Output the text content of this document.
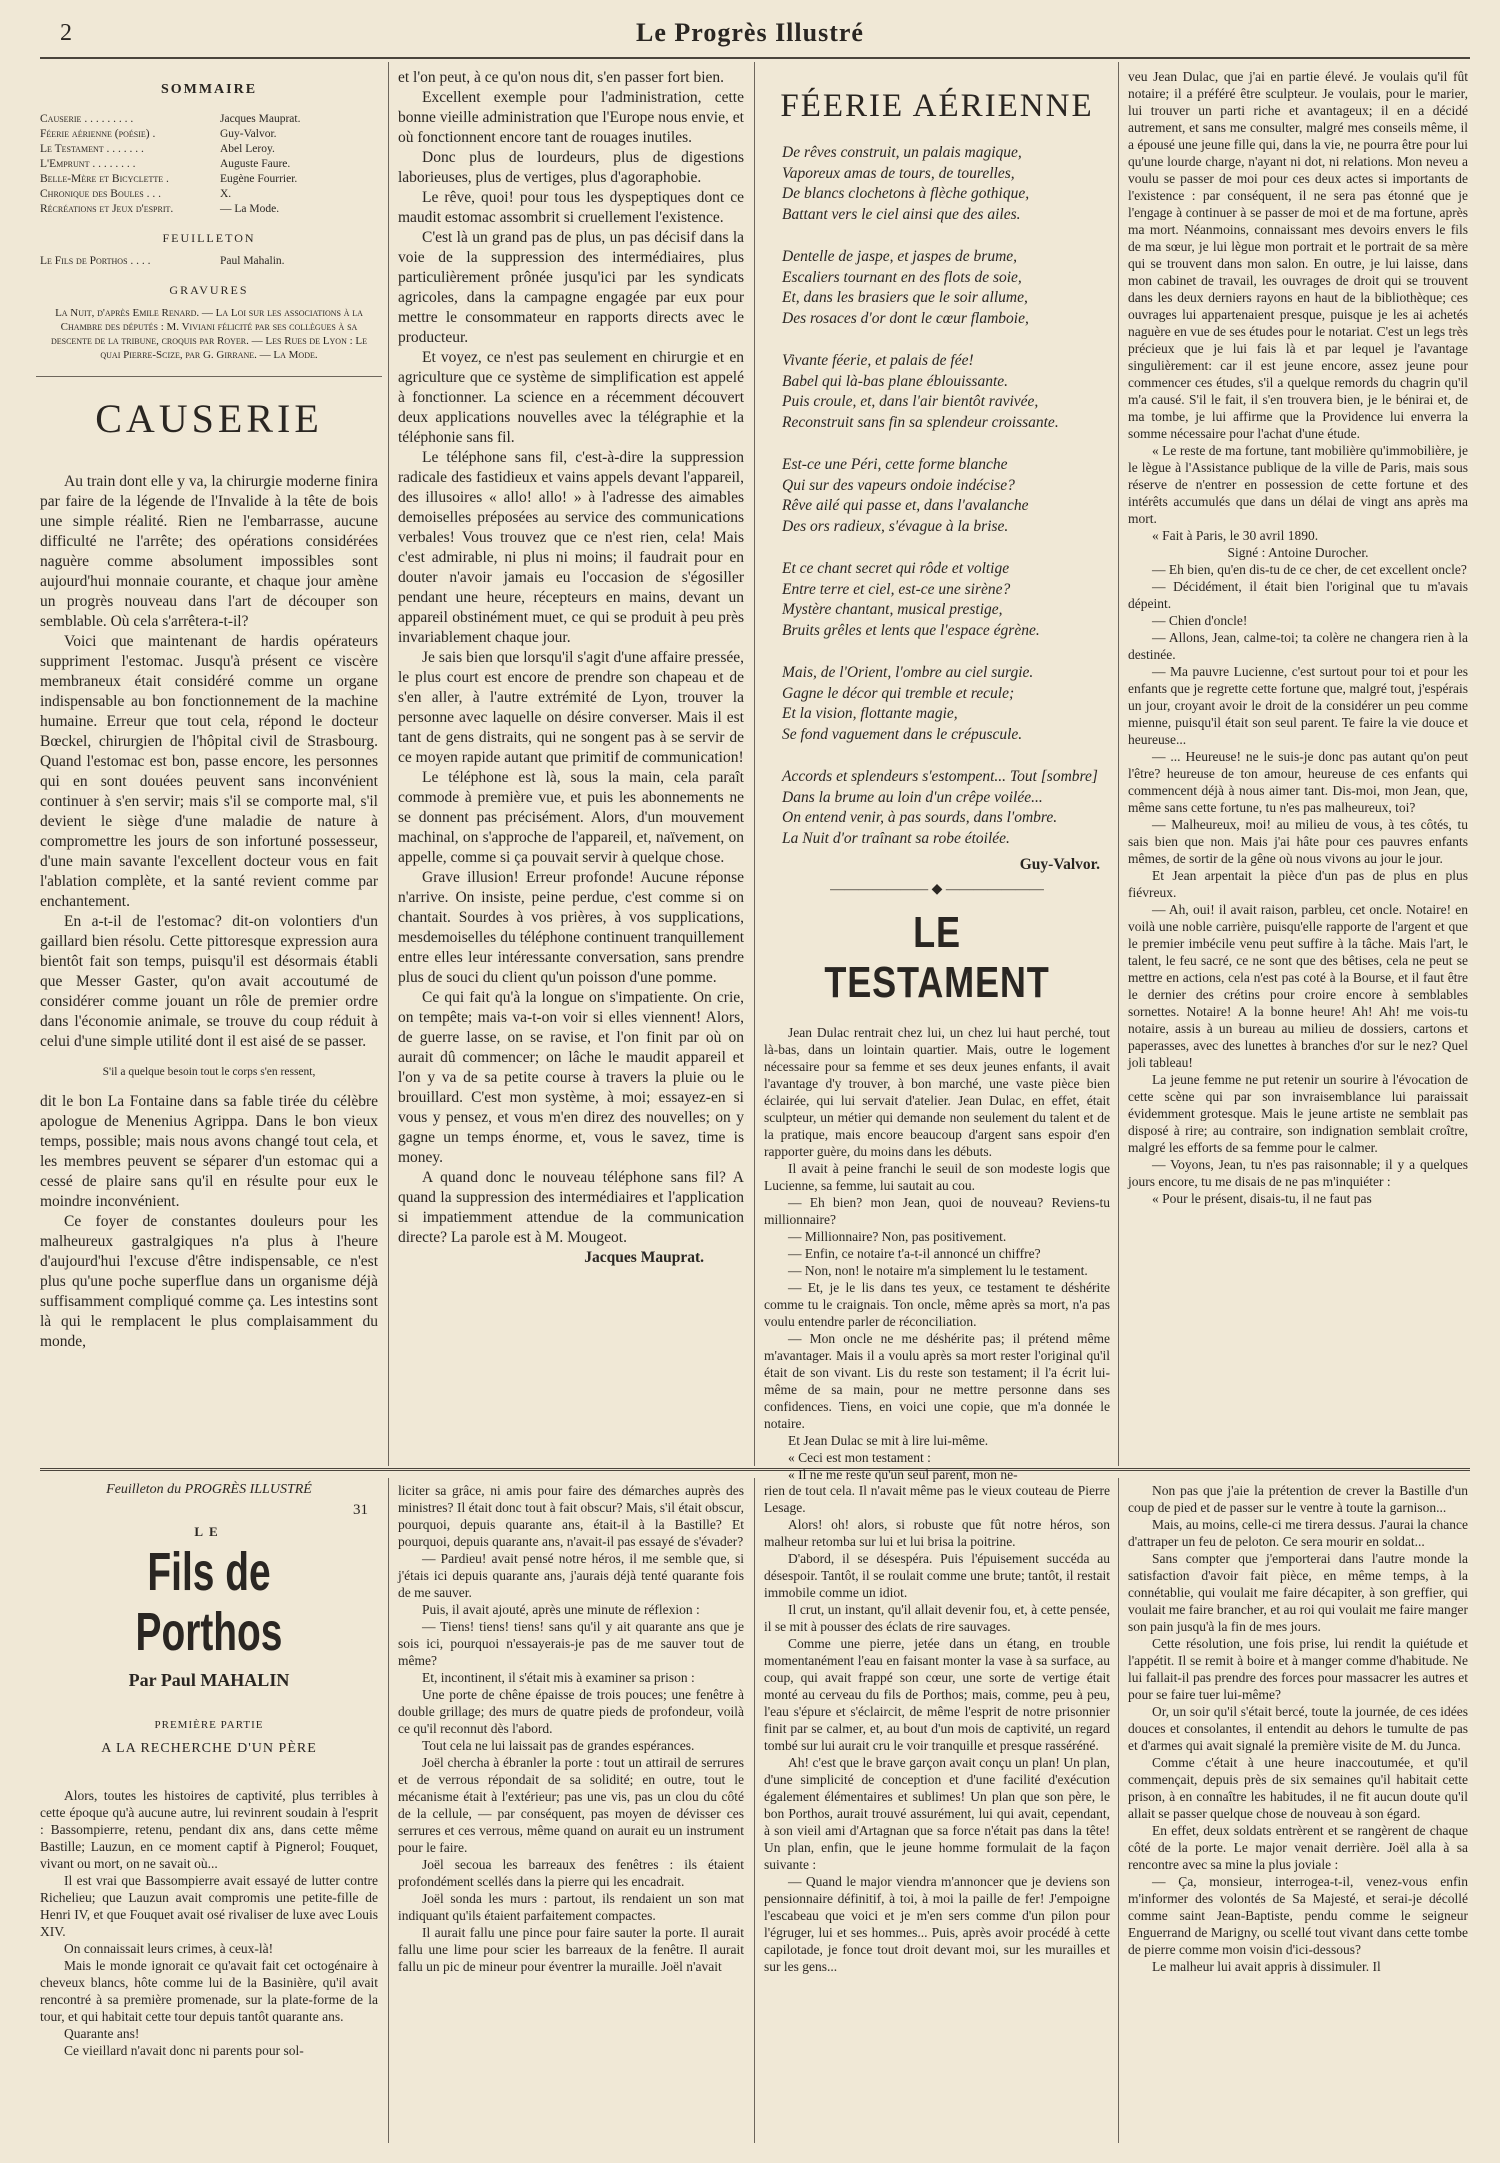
2	Le Progrès Illustré
SOMMAIRE
Causerie . . . . . . . . .	Jacques Mauprat.
Féerie aérienne (poésie) .	Guy-Valvor.
Le Testament . . . . . . .	Abel Leroy.
L'Emprunt . . . . . . . .	Auguste Faure.
Belle-Mère et Bicyclette .	Eugène Fourrier.
Chronique des Boules . . .	X.
Récréations et Jeux d'esprit.	— La Mode.
FEUILLETON
Le Fils de Porthos . . . .	Paul Mahalin.
GRAVURES
La Nuit, d'après Emile Renard. — La Loi sur les associations à la Chambre des députés : M. Viviani félicité par ses collègues à sa descente de la tribune, croquis par Royer. — Les Rues de Lyon : Le quai Pierre-Scize, par G. Girrane. — La Mode.
CAUSERIE

Au train dont elle y va, la chirurgie moderne finira par faire de la légende de l'Invalide à la tête de bois une simple réalité. Rien ne l'embarrasse, aucune difficulté ne l'arrête; des opérations considérées naguère comme absolument impossibles sont aujourd'hui monnaie courante, et chaque jour amène un progrès nouveau dans l'art de découper son semblable. Où cela s'arrêtera-t-il?

Voici que maintenant de hardis opérateurs suppriment l'estomac. Jusqu'à présent ce viscère membraneux était considéré comme un organe indispensable au bon fonctionnement de la machine humaine. Erreur que tout cela, répond le docteur Bœckel, chirurgien de l'hôpital civil de Strasbourg. Quand l'estomac est bon, passe encore, les personnes qui en sont douées peuvent sans inconvénient continuer à s'en servir; mais s'il se comporte mal, s'il devient le siège d'une maladie de nature à compromettre les jours de son infortuné possesseur, d'une main savante l'excellent docteur vous en fait l'ablation complète, et la santé revient comme par enchantement.

En a-t-il de l'estomac? dit-on volontiers d'un gaillard bien résolu. Cette pittoresque expression aura bientôt fait son temps, puisqu'il est désormais établi que Messer Gaster, qu'on avait accoutumé de considérer comme jouant un rôle de premier ordre dans l'économie animale, se trouve du coup réduit à celui d'une simple utilité dont il est aisé de se passer.

S'il a quelque besoin tout le corps s'en ressent,

dit le bon La Fontaine dans sa fable tirée du célèbre apologue de Menenius Agrippa. Dans le bon vieux temps, possible; mais nous avons changé tout cela, et les membres peuvent se séparer d'un estomac qui a cessé de plaire sans qu'il en résulte pour eux le moindre inconvénient.

Ce foyer de constantes douleurs pour les malheureux gastralgiques n'a plus à l'heure d'aujourd'hui l'excuse d'être indispensable, ce n'est plus qu'une poche superflue dans un organisme déjà suffisamment compliqué comme ça. Les intestins sont là qui le remplacent le plus complaisamment du monde,

et l'on peut, à ce qu'on nous dit, s'en passer fort bien.

Excellent exemple pour l'administration, cette bonne vieille administration que l'Europe nous envie, et où fonctionnent encore tant de rouages inutiles.

Donc plus de lourdeurs, plus de digestions laborieuses, plus de vertiges, plus d'agoraphobie.

Le rêve, quoi! pour tous les dyspeptiques dont ce maudit estomac assombrit si cruellement l'existence.

C'est là un grand pas de plus, un pas décisif dans la voie de la suppression des intermédiaires, plus particulièrement prônée jusqu'ici par les syndicats agricoles, dans la campagne engagée par eux pour mettre le consommateur en rapports directs avec le producteur.

Et voyez, ce n'est pas seulement en chirurgie et en agriculture que ce système de simplification est appelé à fonctionner. La science en a récemment découvert deux applications nouvelles avec la télégraphie et la téléphonie sans fil.

Le téléphone sans fil, c'est-à-dire la suppression radicale des fastidieux et vains appels devant l'appareil, des illusoires « allo! allo! » à l'adresse des aimables demoiselles préposées au service des communications verbales! Vous trouvez que ce n'est rien, cela! Mais c'est admirable, ni plus ni moins; il faudrait pour en douter n'avoir jamais eu l'occasion de s'égosiller pendant une heure, récepteurs en mains, devant un appareil obstinément muet, ce qui se produit à peu près invariablement chaque jour.

Je sais bien que lorsqu'il s'agit d'une affaire pressée, le plus court est encore de prendre son chapeau et de s'en aller, à l'autre extrémité de Lyon, trouver la personne avec laquelle on désire converser. Mais il est tant de gens distraits, qui ne songent pas à se servir de ce moyen rapide autant que primitif de communication!

Le téléphone est là, sous la main, cela paraît commode à première vue, et puis les abonnements ne se donnent pas précisément. Alors, d'un mouvement machinal, on s'approche de l'appareil, et, naïvement, on appelle, comme si ça pouvait servir à quelque chose.

Grave illusion! Erreur profonde! Aucune réponse n'arrive. On insiste, peine perdue, c'est comme si on chantait. Sourdes à vos prières, à vos supplications, mesdemoiselles du téléphone continuent tranquillement entre elles leur intéressante conversation, sans prendre plus de souci du client qu'un poisson d'une pomme.

Ce qui fait qu'à la longue on s'impatiente. On crie, on tempête; mais va-t-on voir si elles viennent! Alors, de guerre lasse, on se ravise, et l'on finit par où on aurait dû commencer; on lâche le maudit appareil et l'on y va de sa petite course à travers la pluie ou le brouillard. C'est mon système, à moi; essayez-en si vous y pensez, et vous m'en direz des nouvelles; on y gagne un temps énorme, et, vous le savez, time is money.

A quand donc le nouveau téléphone sans fil? A quand la suppression des intermédiaires et l'application si impatiemment attendue de la communication directe? La parole est à M. Mougeot.

Jacques Mauprat.
FÉERIE AÉRIENNE
De rêves construit, un palais magique,
Vaporeux amas de tours, de tourelles,
De blancs clochetons à flèche gothique,
Battant vers le ciel ainsi que des ailes.
Dentelle de jaspe, et jaspes de brume,
Escaliers tournant en des flots de soie,
Et, dans les brasiers que le soir allume,
Des rosaces d'or dont le cœur flamboie,
Vivante féerie, et palais de fée!
Babel qui là-bas plane éblouissante.
Puis croule, et, dans l'air bientôt ravivée,
Reconstruit sans fin sa splendeur croissante.
Est-ce une Péri, cette forme blanche
Qui sur des vapeurs ondoie indécise?
Rêve ailé qui passe et, dans l'avalanche
Des ors radieux, s'évague à la brise.
Et ce chant secret qui rôde et voltige
Entre terre et ciel, est-ce une sirène?
Mystère chantant, musical prestige,
Bruits grêles et lents que l'espace égrène.
Mais, de l'Orient, l'ombre au ciel surgie.
Gagne le décor qui tremble et recule;
Et la vision, flottante magie,
Se fond vaguement dans le crépuscule.
Accords et splendeurs s'estompent... Tout [sombre]
Dans la brume au loin d'un crêpe voilée...
On entend venir, à pas sourds, dans l'ombre.
La Nuit d'or traînant sa robe étoilée.
Guy-Valvor.
——————— ◆ ———————
LE TESTAMENT

Jean Dulac rentrait chez lui, un chez lui haut perché, tout là-bas, dans un lointain quartier. Mais, outre le logement nécessaire pour sa femme et ses deux jeunes enfants, il avait l'avantage d'y trouver, à bon marché, une vaste pièce bien éclairée, qui lui servait d'atelier. Jean Dulac, en effet, était sculpteur, un métier qui demande non seulement du talent et de la pratique, mais encore beaucoup d'argent sans espoir d'en rapporter guère, du moins dans les débuts.

Il avait à peine franchi le seuil de son modeste logis que Lucienne, sa femme, lui sautait au cou.

— Eh bien? mon Jean, quoi de nouveau? Reviens-tu millionnaire?

— Millionnaire? Non, pas positivement.

— Enfin, ce notaire t'a-t-il annoncé un chiffre?

— Non, non! le notaire m'a simplement lu le testament.

— Et, je le lis dans tes yeux, ce testament te déshérite comme tu le craignais. Ton oncle, même après sa mort, n'a pas voulu entendre parler de réconciliation.

— Mon oncle ne me déshérite pas; il prétend même m'avantager. Mais il a voulu après sa mort rester l'original qu'il était de son vivant. Lis du reste son testament; il l'a écrit lui-même de sa main, pour ne mettre personne dans ses confidences. Tiens, en voici une copie, que m'a donnée le notaire.

Et Jean Dulac se mit à lire lui-même.

« Ceci est mon testament :

« Il ne me reste qu'un seul parent, mon ne-

veu Jean Dulac, que j'ai en partie élevé. Je voulais qu'il fût notaire; il a préféré être sculpteur. Je voulais, pour le marier, lui trouver un parti riche et avantageux; il en a décidé autrement, et sans me consulter, malgré mes conseils même, il a épousé une jeune fille qui, dans la vie, ne pourra être pour lui qu'une lourde charge, n'ayant ni dot, ni relations. Mon neveu a voulu se passer de moi pour ces deux actes si importants de l'existence : par conséquent, il ne sera pas étonné que je l'engage à continuer à se passer de moi et de ma fortune, après ma mort. Néanmoins, connaissant mes devoirs envers le fils de ma sœur, je lui lègue mon portrait et le portrait de sa mère qui se trouvent dans mon salon. En outre, je lui laisse, dans mon cabinet de travail, les ouvrages de droit qui se trouvent dans les deux derniers rayons en haut de la bibliothèque; ces ouvrages lui appartenaient presque, puisque je les ai achetés naguère en vue de ses études pour le notariat. C'est un legs très précieux que je lui fais là et par lequel je l'avantage singulièrement: car il est jeune encore, assez jeune pour commencer ces études, s'il a quelque remords du chagrin qu'il m'a causé. S'il le fait, il s'en trouvera bien, je le bénirai et, de ma tombe, je lui affirme que la Providence lui enverra la somme nécessaire pour l'achat d'une étude.

« Le reste de ma fortune, tant mobilière qu'immobilière, je le lègue à l'Assistance publique de la ville de Paris, mais sous réserve de n'entrer en possession de cette fortune et des intérêts accumulés que dans un délai de vingt ans après ma mort.

« Fait à Paris, le 30 avril 1890.

Signé : Antoine Durocher.

— Eh bien, qu'en dis-tu de ce cher, de cet excellent oncle?

— Décidément, il était bien l'original que tu m'avais dépeint.

— Chien d'oncle!

— Allons, Jean, calme-toi; ta colère ne changera rien à la destinée.

— Ma pauvre Lucienne, c'est surtout pour toi et pour les enfants que je regrette cette fortune que, malgré tout, j'espérais un jour, croyant avoir le droit de la considérer un peu comme mienne, puisqu'il était son seul parent. Te faire la vie douce et heureuse...

— ... Heureuse! ne le suis-je donc pas autant qu'on peut l'être? heureuse de ton amour, heureuse de ces enfants qui commencent déjà à nous aimer tant. Dis-moi, mon Jean, que, même sans cette fortune, tu n'es pas malheureux, toi?

— Malheureux, moi! au milieu de vous, à tes côtés, tu sais bien que non. Mais j'ai hâte pour ces pauvres enfants mêmes, de sortir de la gêne où nous vivons au jour le jour.

Et Jean arpentait la pièce d'un pas de plus en plus fiévreux.

— Ah, oui! il avait raison, parbleu, cet oncle. Notaire! en voilà une noble carrière, puisqu'elle rapporte de l'argent et que le premier imbécile venu peut suffire à la tâche. Mais l'art, le talent, le feu sacré, ce ne sont que des bêtises, cela ne peut se mettre en actions, cela n'est pas coté à la Bourse, et il faut être le dernier des crétins pour croire encore à semblables sornettes. Notaire! A la bonne heure! Ah! Ah! me vois-tu notaire, assis à un bureau au milieu de dossiers, cartons et paperasses, avec des lunettes à branches d'or sur le nez? Quel joli tableau!

La jeune femme ne put retenir un sourire à l'évocation de cette scène qui par son invraisemblance lui paraissait évidemment grotesque. Mais le jeune artiste ne semblait pas disposé à rire; au contraire, son indignation semblait croître, malgré les efforts de sa femme pour le calmer.

— Voyons, Jean, tu n'es pas raisonnable; il y a quelques jours encore, tu me disais de ne pas m'inquiéter :

« Pour le présent, disais-tu, il ne faut pas

Feuilleton du PROGRÈS ILLUSTRÉ
31
LE
Fils de Porthos
Par Paul MAHALIN
PREMIÈRE PARTIE
A LA RECHERCHE D'UN PÈRE

Alors, toutes les histoires de captivité, plus terribles à cette époque qu'à aucune autre, lui revinrent soudain à l'esprit : Bassompierre, retenu, pendant dix ans, dans cette même Bastille; Lauzun, en ce moment captif à Pignerol; Fouquet, vivant ou mort, on ne savait où...

Il est vrai que Bassompierre avait essayé de lutter contre Richelieu; que Lauzun avait compromis une petite-fille de Henri IV, et que Fouquet avait osé rivaliser de luxe avec Louis XIV.

On connaissait leurs crimes, à ceux-là!

Mais le monde ignorait ce qu'avait fait cet octogénaire à cheveux blancs, hôte comme lui de la Basinière, qu'il avait rencontré à sa première promenade, sur la plate-forme de la tour, et qui habitait cette tour depuis tantôt quarante ans.

Quarante ans!

Ce vieillard n'avait donc ni parents pour sol-

liciter sa grâce, ni amis pour faire des démarches auprès des ministres? Il était donc tout à fait obscur? Mais, s'il était obscur, pourquoi, depuis quarante ans, était-il à la Bastille? Et pourquoi, depuis quarante ans, n'avait-il pas essayé de s'évader?

— Pardieu! avait pensé notre héros, il me semble que, si j'étais ici depuis quarante ans, j'aurais déjà tenté quarante fois de me sauver.

Puis, il avait ajouté, après une minute de réflexion :

— Tiens! tiens! tiens! sans qu'il y ait quarante ans que je sois ici, pourquoi n'essayerais-je pas de me sauver tout de même?

Et, incontinent, il s'était mis à examiner sa prison :

Une porte de chêne épaisse de trois pouces; une fenêtre à double grillage; des murs de quatre pieds de profondeur, voilà ce qu'il reconnut dès l'abord.

Tout cela ne lui laissait pas de grandes espérances.

Joël chercha à ébranler la porte : tout un attirail de serrures et de verrous répondait de sa solidité; en outre, tout le mécanisme était à l'extérieur; pas une vis, pas un clou du côté de la cellule, — par conséquent, pas moyen de dévisser ces serrures et ces verrous, même quand on aurait eu un instrument pour le faire.

Joël secoua les barreaux des fenêtres : ils étaient profondément scellés dans la pierre qui les encadrait.

Joël sonda les murs : partout, ils rendaient un son mat indiquant qu'ils étaient parfaitement compactes.

Il aurait fallu une pince pour faire sauter la porte. Il aurait fallu une lime pour scier les barreaux de la fenêtre. Il aurait fallu un pic de mineur pour éventrer la muraille. Joël n'avait

rien de tout cela. Il n'avait même pas le vieux couteau de Pierre Lesage.

Alors! oh! alors, si robuste que fût notre héros, son malheur retomba sur lui et lui brisa la poitrine.

D'abord, il se désespéra. Puis l'épuisement succéda au désespoir. Tantôt, il se roulait comme une brute; tantôt, il restait immobile comme un idiot.

Il crut, un instant, qu'il allait devenir fou, et, à cette pensée, il se mit à pousser des éclats de rire sauvages.

Comme une pierre, jetée dans un étang, en trouble momentanément l'eau en faisant monter la vase à sa surface, au coup, qui avait frappé son cœur, une sorte de vertige était monté au cerveau du fils de Porthos; mais, comme, peu à peu, l'eau s'épure et s'éclaircit, de même l'esprit de notre prisonnier finit par se calmer, et, au bout d'un mois de captivité, un regard tombé sur lui aurait cru le voir tranquille et presque rasséréné.

Ah! c'est que le brave garçon avait conçu un plan! Un plan, d'une simplicité de conception et d'une facilité d'exécution également élémentaires et sublimes! Un plan que son père, le bon Porthos, aurait trouvé assurément, lui qui avait, cependant, à son vieil ami d'Artagnan que sa force n'était pas dans la tête! Un plan, enfin, que le jeune homme formulait de la façon suivante :

— Quand le major viendra m'annoncer que je deviens son pensionnaire définitif, à toi, à moi la paille de fer! J'empoigne l'escabeau que voici et je m'en sers comme d'un pilon pour l'égruger, lui et ses hommes... Puis, après avoir procédé à cette capilotade, je fonce tout droit devant moi, sur les murailles et sur les gens...

Non pas que j'aie la prétention de crever la Bastille d'un coup de pied et de passer sur le ventre à toute la garnison...

Mais, au moins, celle-ci me tirera dessus. J'aurai la chance d'attraper un feu de peloton. Ce sera mourir en soldat...

Sans compter que j'emporterai dans l'autre monde la satisfaction d'avoir fait pièce, en même temps, à la connétablie, qui voulait me faire décapiter, à son greffier, qui voulait me faire brancher, et au roi qui voulait me faire manger son pain jusqu'à la fin de mes jours.

Cette résolution, une fois prise, lui rendit la quiétude et l'appétit. Il se remit à boire et à manger comme d'habitude. Ne lui fallait-il pas prendre des forces pour massacrer les autres et pour se faire tuer lui-même?

Or, un soir qu'il s'était bercé, toute la journée, de ces idées douces et consolantes, il entendit au dehors le tumulte de pas et d'armes qui avait signalé la première visite de M. du Junca.

Comme c'était à une heure inaccoutumée, et qu'il commençait, depuis près de six semaines qu'il habitait cette prison, à en connaître les habitudes, il ne fit aucun doute qu'il allait se passer quelque chose de nouveau à son égard.

En effet, deux soldats entrèrent et se rangèrent de chaque côté de la porte. Le major venait derrière. Joël alla à sa rencontre avec sa mine la plus joviale :

— Ça, monsieur, interrogea-t-il, venez-vous enfin m'informer des volontés de Sa Majesté, et serai-je décollé comme saint Jean-Baptiste, pendu comme le seigneur Enguerrand de Marigny, ou scellé tout vivant dans cette tombe de pierre comme mon voisin d'ici-dessous?

Le malheur lui avait appris à dissimuler. Il
